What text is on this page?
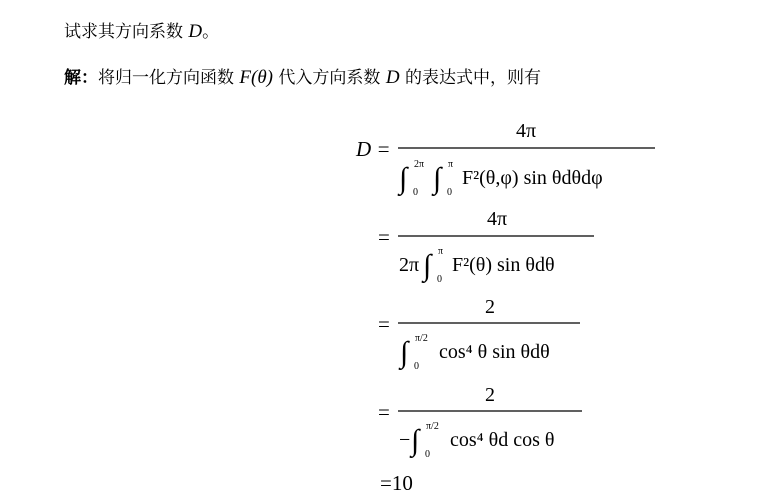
试求其方向系数 D。
解：将归一化方向函数 F(θ) 代入方向系数 D 的表达式中，则有
D =
4π
∫ 2π
0 ∫ π
0
F²(θ,φ) sin θdθdφ
=
4π
2π ∫ π
0
F²(θ) sin θdθ
=
2
∫ π/2
0
cos⁴ θ sin θdθ
=
2
− ∫ π/2
0
cos⁴ θd cos θ
=10
